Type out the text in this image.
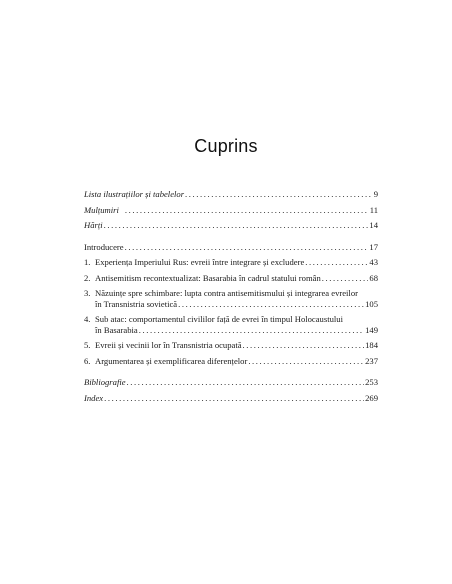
Cuprins
Lista ilustrațiilor și tabelelor .....	9
Mulțumiri .....	11
Hărți .....	14
Introducere .....	17
1. Experiența Imperiului Rus: evreii între integrare și excludere .....	43
2. Antisemitism recontextualizat: Basarabia în cadrul statului român .....	68
3. Năzuințe spre schimbare: lupta contra antisemitismului și integrarea evreilor
în Transnistria sovietică .....	105
4. Sub atac: comportamentul civililor față de evrei în timpul Holocaustului
în Basarabia .....	149
5. Evreii și vecinii lor în Transnistria ocupată .....	184
6. Argumentarea și exemplificarea diferențelor .....	237
Bibliografie .....	253
Index .....	269
